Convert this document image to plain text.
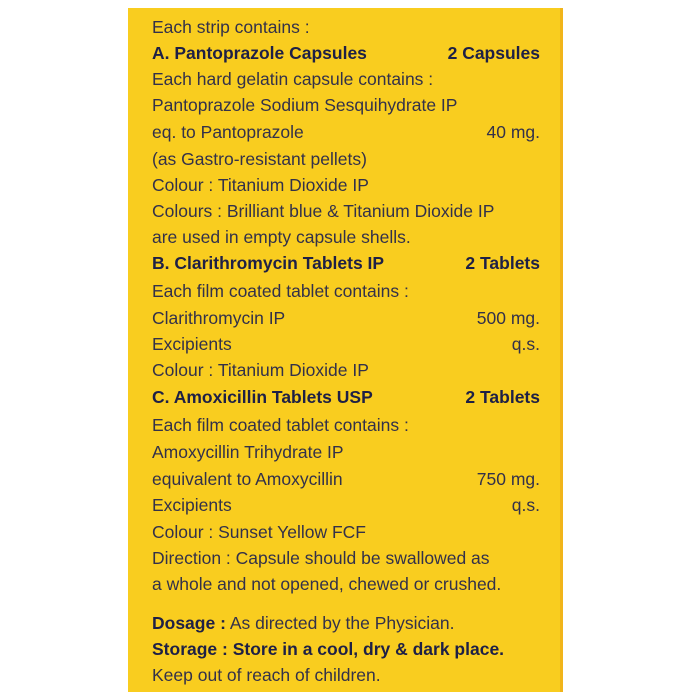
Each strip contains :
A. Pantoprazole Capsules	2 Capsules
Each hard gelatin capsule contains :
Pantoprazole Sodium Sesquihydrate IP
eq. to Pantoprazole	40 mg.
(as Gastro-resistant pellets)
Colour : Titanium Dioxide IP
Colours : Brilliant blue & Titanium Dioxide IP
are used in empty capsule shells.
B. Clarithromycin Tablets IP	2 Tablets
Each film coated tablet contains :
Clarithromycin IP	500 mg.
Excipients	q.s.
Colour : Titanium Dioxide IP
C. Amoxicillin Tablets USP	2 Tablets
Each film coated tablet contains :
Amoxycillin Trihydrate IP
equivalent to Amoxycillin	750 mg.
Excipients	q.s.
Colour : Sunset Yellow FCF
Direction : Capsule should be swallowed as
a whole and not opened, chewed or crushed.
Dosage : As directed by the Physician.
Storage : Store in a cool, dry & dark place.
Keep out of reach of children.
